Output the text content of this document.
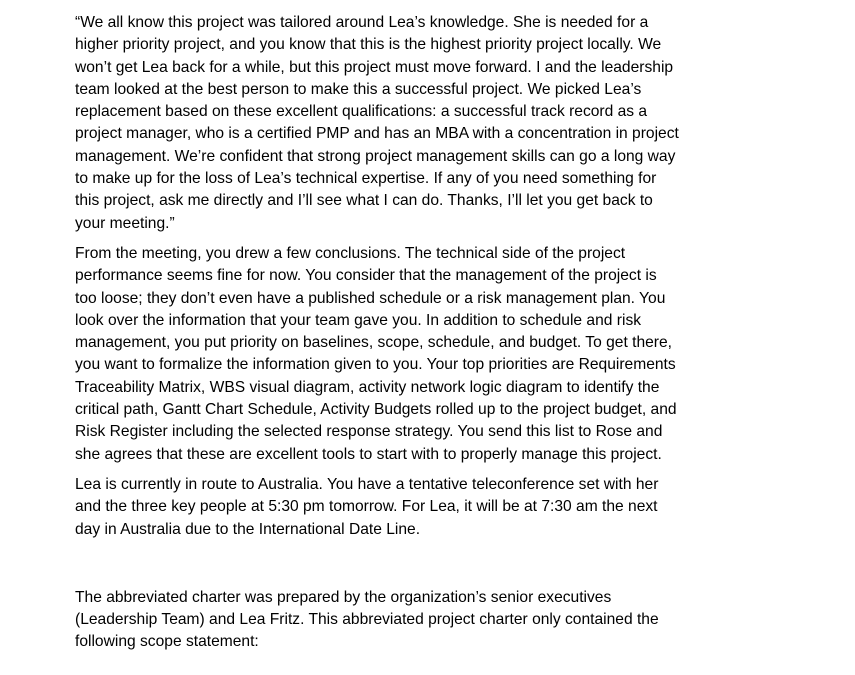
“We all know this project was tailored around Lea’s knowledge. She is needed for a
higher priority project, and you know that this is the highest priority project locally. We
won’t get Lea back for a while, but this project must move forward. I and the leadership
team looked at the best person to make this a successful project. We picked Lea’s
replacement based on these excellent qualifications: a successful track record as a
project manager, who is a certified PMP and has an MBA with a concentration in project
management. We’re confident that strong project management skills can go a long way
to make up for the loss of Lea’s technical expertise. If any of you need something for
this project, ask me directly and I’ll see what I can do. Thanks, I’ll let you get back to
your meeting.”

From the meeting, you drew a few conclusions. The technical side of the project
performance seems fine for now. You consider that the management of the project is
too loose; they don’t even have a published schedule or a risk management plan. You
look over the information that your team gave you. In addition to schedule and risk
management, you put priority on baselines, scope, schedule, and budget. To get there,
you want to formalize the information given to you. Your top priorities are Requirements
Traceability Matrix, WBS visual diagram, activity network logic diagram to identify the
critical path, Gantt Chart Schedule, Activity Budgets rolled up to the project budget, and
Risk Register including the selected response strategy. You send this list to Rose and
she agrees that these are excellent tools to start with to properly manage this project.

Lea is currently in route to Australia. You have a tentative teleconference set with her
and the three key people at 5:30 pm tomorrow. For Lea, it will be at 7:30 am the next
day in Australia due to the International Date Line.

The abbreviated charter was prepared by the organization’s senior executives
(Leadership Team) and Lea Fritz. This abbreviated project charter only contained the
following scope statement:
